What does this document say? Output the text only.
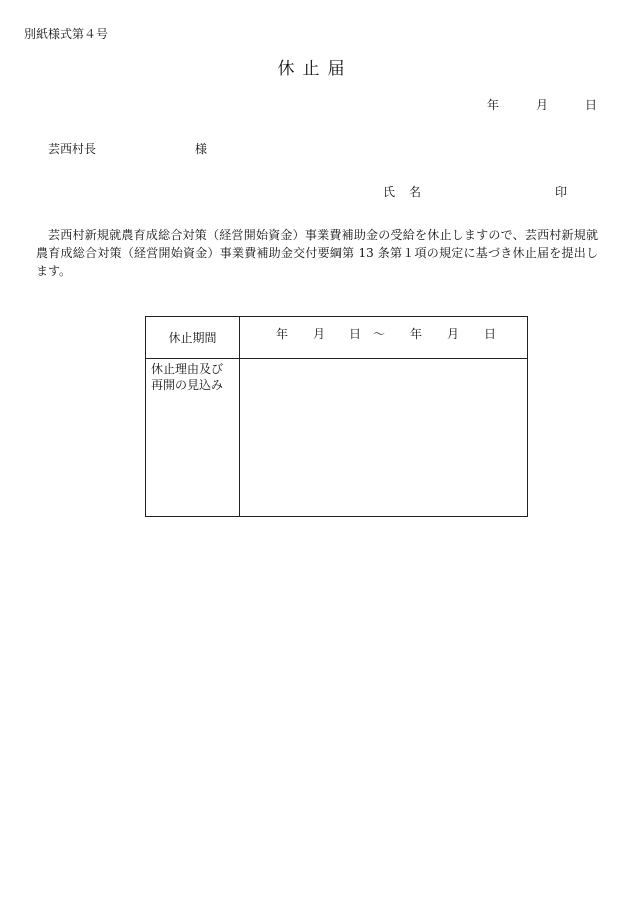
別紙様式第４号
休止届
年	月	日
芸西村長	様
氏 名	印
芸西村新規就農育成総合対策（経営開始資金）事業費補助金の受給を休止しますので、芸西村新規就農育成総合対策（経営開始資金）事業費補助金交付要綱第 13 条第１項の規定に基づき休止届を提出します。
休止期間	年 月 日 ～ 年 月 日
休止理由及び再開の見込み
